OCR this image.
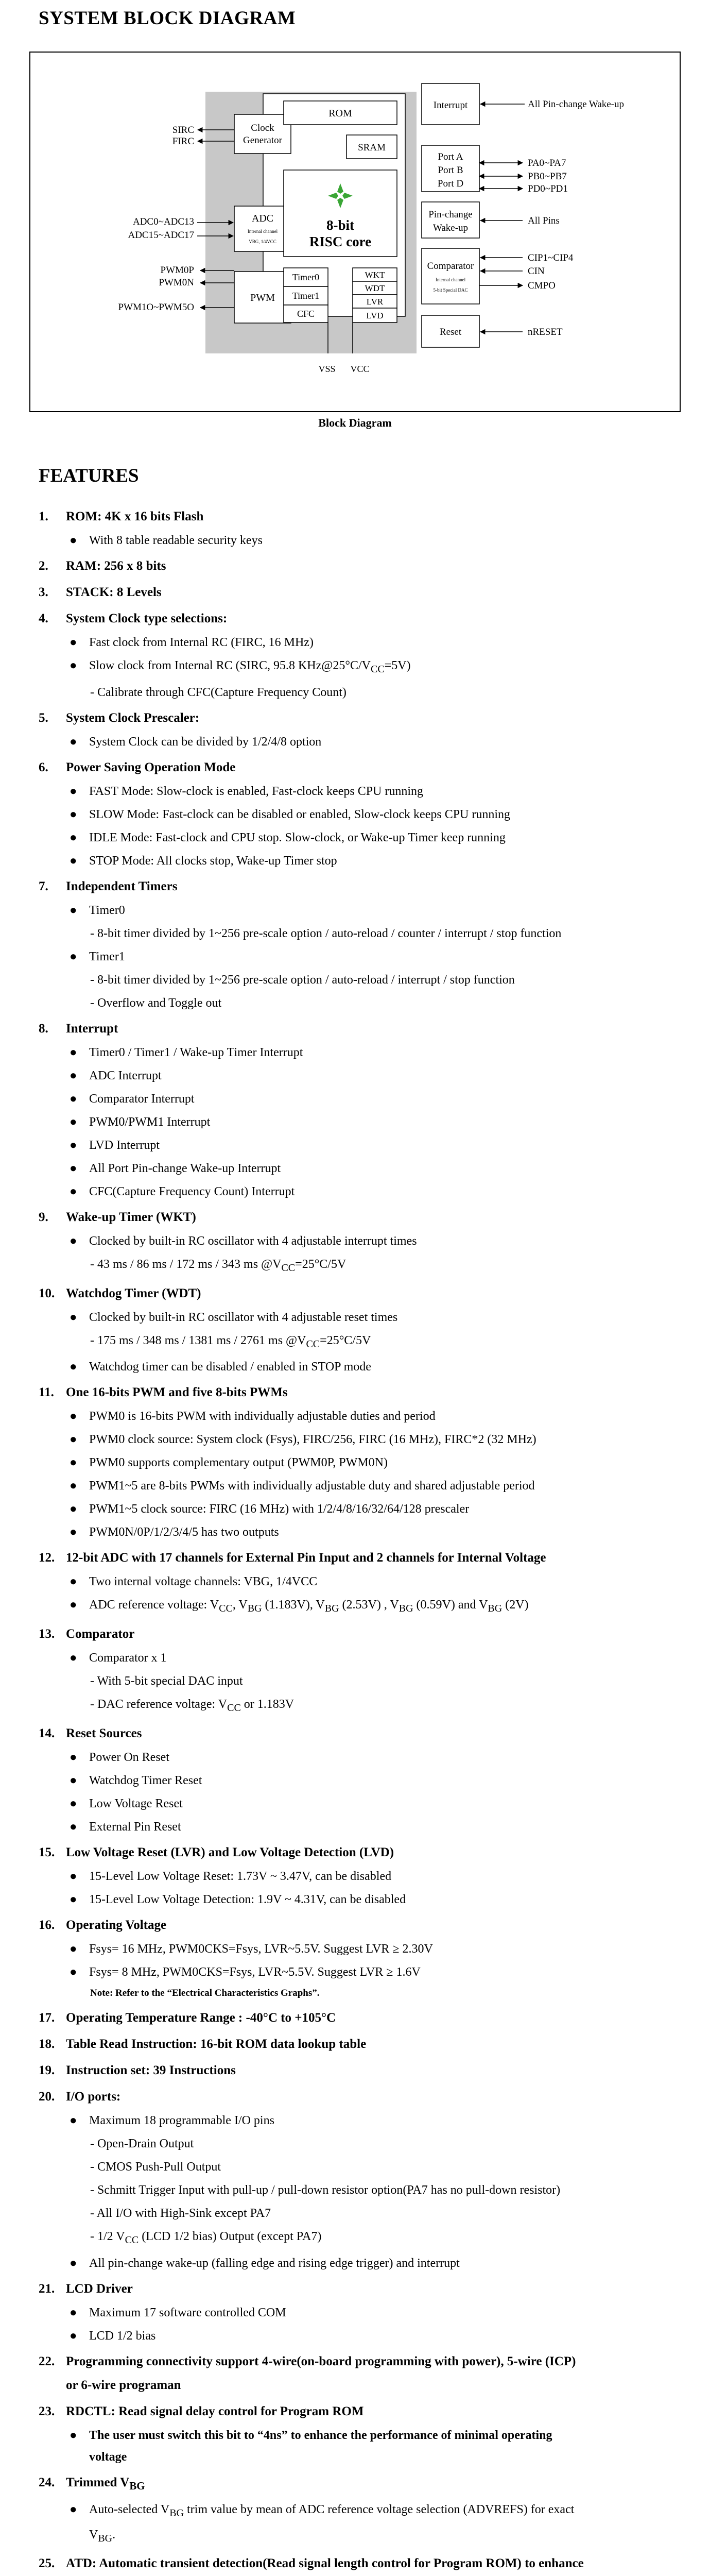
SYSTEM BLOCK DIAGRAM
Clock
Generator
ADC
Internal channel
VBG, 1/4VCC
PWM
ROM
SRAM
8-bit
RISC core
Timer0
Timer1
CFC
WKT
WDT
LVR
LVD
VSS VCC
Interrupt
Port A
Port B
Port D
Pin-change
Wake-up
Comparator
Internal channel
5-bit Special DAC
Reset
SIRC
FIRC
ADC0~ADC13
ADC15~ADC17
PWM0P
PWM0N
PWM1O~PWM5O
All Pin-change Wake-up
PA0~PA7
PB0~PB7
PD0~PD1
All Pins
CIP1~CIP4
CIN
CMPO
nRESET
Block Diagram
FEATURES
1. ROM: 4K x 16 bits Flash
● With 8 table readable security keys
2. RAM: 256 x 8 bits
3. STACK: 8 Levels
4. System Clock type selections:
● Fast clock from Internal RC (FIRC, 16 MHz)
● Slow clock from Internal RC (SIRC, 95.8 $KHz@25^\circ C/V_{CC}=5V$)
- Calibrate through CFC(Capture Frequency Count)
5. System Clock Prescaler:
● System Clock can be divided by 1/2/4/8 option
6. Power Saving Operation Mode
● FAST Mode: Slow-clock is enabled, Fast-clock keeps CPU running
● SLOW Mode: Fast-clock can be disabled or enabled, Slow-clock keeps CPU running
● IDLE Mode: Fast-clock and CPU stop. Slow-clock, or Wake-up Timer keep running
● STOP Mode: All clocks stop, Wake-up Timer stop
7. Independent Timers
● Timer0
- 8-bit timer divided by 1~256 pre-scale option / auto-reload / counter / interrupt / stop function
● Timer1
- 8-bit timer divided by 1~256 pre-scale option / auto-reload / interrupt / stop function
- Overflow and Toggle out
8. Interrupt
● Timer0 / Timer1 / Wake-up Timer Interrupt
● ADC Interrupt
● Comparator Interrupt
● PWM0/PWM1 Interrupt
● LVD Interrupt
● All Port Pin-change Wake-up Interrupt
● CFC(Capture Frequency Count) Interrupt
9. Wake-up Timer (WKT)
● Clocked by built-in RC oscillator with 4 adjustable interrupt times
- 43 ms / 86 ms / 172 ms / 343 ms $@V_{CC}=25^\circ C/5V$
10. Watchdog Timer (WDT)
● Clocked by built-in RC oscillator with 4 adjustable reset times
- 175 ms / 348 ms / 1381 ms / 2761 ms $@V_{CC}=25^\circ C/5V$
● Watchdog timer can be disabled / enabled in STOP mode
11. One 16-bits PWM and five 8-bits PWMs
● PWM0 is 16-bits PWM with individually adjustable duties and period
● PWM0 clock source: System clock (Fsys), FIRC/256, FIRC (16 MHz), FIRC*2 (32 MHz)
● PWM0 supports complementary output (PWM0P, PWM0N)
● PWM1~5 are 8-bits PWMs with individually adjustable duty and shared adjustable period
● PWM1~5 clock source: FIRC (16 MHz) with 1/2/4/8/16/32/64/128 prescaler
● PWM0N/0P/1/2/3/4/5 has two outputs
12. 12-bit ADC with 17 channels for External Pin Input and 2 channels for Internal Voltage
● Two internal voltage channels: VBG, 1/4VCC
● ADC reference voltage: $V_{CC}$, $V_{BG}$ (1.183V), $V_{BG}$ (2.53V) , $V_{BG}$ (0.59V) and $V_{BG}$ (2V)
13. Comparator
● Comparator x 1
- With 5-bit special DAC input
- DAC reference voltage: $V_{CC}$ or 1.183V
14. Reset Sources
● Power On Reset
● Watchdog Timer Reset
● Low Voltage Reset
● External Pin Reset
15. Low Voltage Reset (LVR) and Low Voltage Detection (LVD)
● 15-Level Low Voltage Reset: 1.73V ~ 3.47V, can be disabled
● 15-Level Low Voltage Detection: 1.9V ~ 4.31V, can be disabled
16. Operating Voltage
● Fsys= 16 MHz, PWM0CKS=Fsys, LVR~5.5V. Suggest LVR ≥ 2.30V
● Fsys= 8 MHz, PWM0CKS=Fsys, LVR~5.5V. Suggest LVR ≥ 1.6V
Note: Refer to the “Electrical Characteristics Graphs”.
17. Operating Temperature Range : -40°C to +105°C
18. Table Read Instruction: 16-bit ROM data lookup table
19. Instruction set: 39 Instructions
20. I/O ports:
● Maximum 18 programmable I/O pins
- Open-Drain Output
- CMOS Push-Pull Output
- Schmitt Trigger Input with pull-up / pull-down resistor option(PA7 has no pull-down resistor)
- All I/O with High-Sink except PA7
- 1/2 $V_{CC}$ (LCD 1/2 bias) Output (except PA7)
● All pin-change wake-up (falling edge and rising edge trigger) and interrupt
21. LCD Driver
● Maximum 17 software controlled COM
● LCD 1/2 bias
22. Programming connectivity support 4-wire(on-board programming with power), 5-wire (ICP)
or 6-wire programan
23. RDCTL: Read signal delay control for Program ROM
● The user must switch this bit to “4ns” to enhance the performance of minimal operating
voltage
24. Trimmed $V_{BG}$
● Auto-selected $V_{BG}$ trim value by mean of ADC reference voltage selection (ADVREFS) for exact
$V_{BG}$.
25. ATD: Automatic transient detection(Read signal length control for Program ROM) to enhance
